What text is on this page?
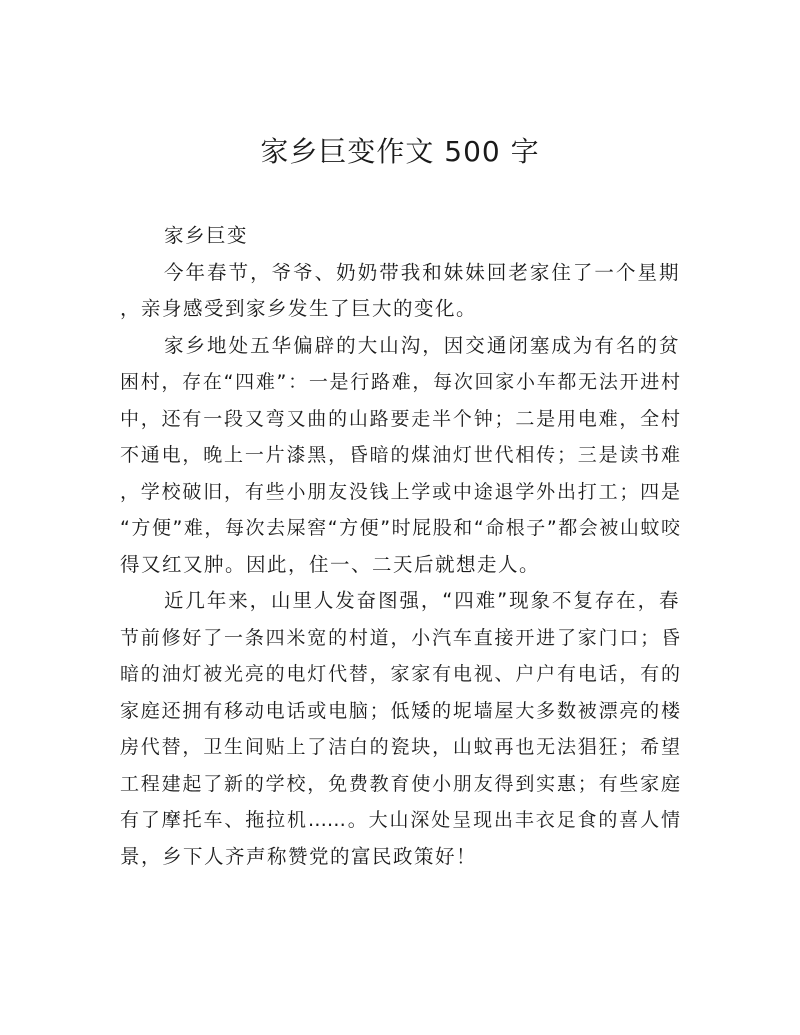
家乡巨变作文 500 字
家乡巨变
今年春节，爷爷、奶奶带我和妹妹回老家住了一个星期
，亲身感受到家乡发生了巨大的变化。
家乡地处五华偏辟的大山沟，因交通闭塞成为有名的贫
困村，存在“四难”：一是行路难，每次回家小车都无法开进村
中，还有一段又弯又曲的山路要走半个钟；二是用电难，全村
不通电，晚上一片漆黑，昏暗的煤油灯世代相传；三是读书难
，学校破旧，有些小朋友没钱上学或中途退学外出打工；四是
“方便”难，每次去屎窖“方便”时屁股和“命根子”都会被山蚊咬
得又红又肿。因此，住一、二天后就想走人。
近几年来，山里人发奋图强，“四难”现象不复存在，春
节前修好了一条四米宽的村道，小汽车直接开进了家门口；昏
暗的油灯被光亮的电灯代替，家家有电视、户户有电话，有的
家庭还拥有移动电话或电脑；低矮的坭墙屋大多数被漂亮的楼
房代替，卫生间贴上了洁白的瓷块，山蚊再也无法猖狂；希望
工程建起了新的学校，免费教育使小朋友得到实惠；有些家庭
有了摩托车、拖拉机……。大山深处呈现出丰衣足食的喜人情
景，乡下人齐声称赞党的富民政策好！
